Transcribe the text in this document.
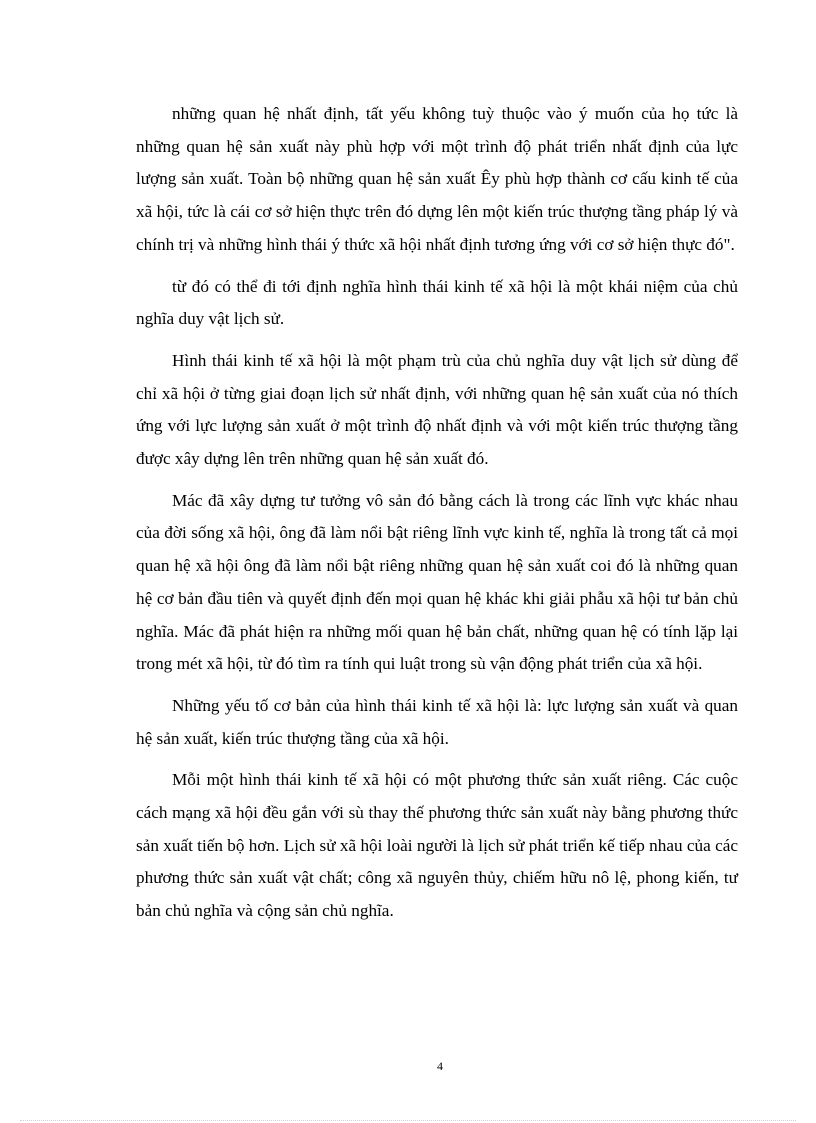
những quan hệ nhất định, tất yếu không tuỳ thuộc vào ý muốn của họ tức là những quan hệ sản xuất này phù hợp với một trình độ phát triển nhất định của lực lượng sản xuất. Toàn bộ những quan hệ sản xuất Êy phù hợp thành cơ cấu kinh tế của xã hội, tức là cái cơ sở hiện thực trên đó dựng lên một kiến trúc thượng tầng pháp lý và chính trị và những hình thái ý thức xã hội nhất định tương ứng với cơ sở hiện thực đó".

từ đó có thể đi tới định nghĩa hình thái kinh tế xã hội là một khái niệm của chủ nghĩa duy vật lịch sử.

Hình thái kinh tế xã hội là một phạm trù của chủ nghĩa duy vật lịch sử dùng để chỉ xã hội ở từng giai đoạn lịch sử nhất định, với những quan hệ sản xuất của nó thích ứng với lực lượng sản xuất ở một trình độ nhất định và với một kiến trúc thượng tầng được xây dựng lên trên những quan hệ sản xuất đó.

Mác đã xây dựng tư tưởng vô sản đó bằng cách là trong các lĩnh vực khác nhau của đời sống xã hội, ông đã làm nổi bật riêng lĩnh vực kinh tế, nghĩa là trong tất cả mọi quan hệ xã hội ông đã làm nổi bật riêng những quan hệ sản xuất coi đó là những quan hệ cơ bản đầu tiên và quyết định đến mọi quan hệ khác khi giải phẫu xã hội tư bản chủ nghĩa. Mác đã phát hiện ra những mối quan hệ bản chất, những quan hệ có tính lặp lại trong mét xã hội, từ đó tìm ra tính qui luật trong sù vận động phát triển của xã hội.

Những yếu tố cơ bản của hình thái kinh tế xã hội là: lực lượng sản xuất và quan hệ sản xuất, kiến trúc thượng tầng của xã hội.

Mỗi một hình thái kinh tế xã hội có một phương thức sản xuất riêng. Các cuộc cách mạng xã hội đều gắn với sù thay thế phương thức sản xuất này bằng phương thức sản xuất tiến bộ hơn. Lịch sử xã hội loài người là lịch sử phát triển kế tiếp nhau của các phương thức sản xuất vật chất; công xã nguyên thủy, chiếm hữu nô lệ, phong kiến, tư bản chủ nghĩa và cộng sản chủ nghĩa.

4
